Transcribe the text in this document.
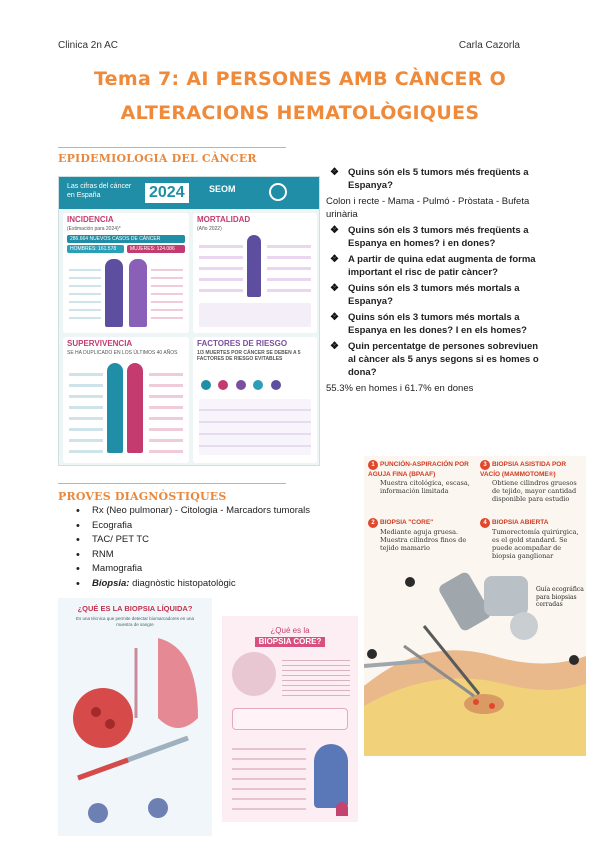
Clinica 2n AC	Carla Cazorla
Tema 7: AI PERSONES AMB CÀNCER O
ALTERACIONS HEMATOLÒGIQUES
EPIDEMIOLOGIA DEL CÀNCER
Las cifras del cáncer en España	2024	SEOM
INCIDENCIA
(Estimación para 2024)*
286.664 NUEVOS CASOS DE CÁNCER
HOMBRES: 161.578	MUJERES: 124.086
MORTALIDAD
(Año 2022)
SUPERVIVENCIA
SE HA DUPLICADO EN LOS ÚLTIMOS 40 AÑOS
FACTORES DE RIESGO
1/3 MUERTES POR CÁNCER SE DEBEN A 5 FACTORES DE RIESGO EVITABLES

❖ Quins són els 5 tumors més freqüents a Espanya?
Colon i recte - Mama - Pulmó - Pròstata - Bufeta urinària
❖ Quins són els 3 tumors més freqüents a Espanya en homes? i en dones?
❖ A partir de quina edat augmenta de forma important el risc de patir càncer?
❖ Quins són els 3 tumors més mortals a Espanya?
❖ Quins són els 3 tumors més mortals a Espanya en les dones? I en els homes?
❖ Quin percentatge de persones sobreviuen al càncer als 5 anys segons si es homes o dona?
55.3% en homes i 61.7% en dones
1 PUNCIÓN-ASPIRACIÓN POR AGUJA FINA (BPAAF)
Muestra citológica, escasa, información limitada
3 BIOPSIA ASISTIDA POR VACÍO (MAMMOTOME®)
Obtiene cilindros gruesos de tejido, mayor cantidad disponible para estudio
2 BIOPSIA "CORE"
Mediante aguja gruesa. Muestra cilindros finos de tejido mamario
4 BIOPSIA ABIERTA
Tumorectomía quirúrgica, es el gold standard. Se puede acompañar de biopsia ganglionar
Guía ecográfica para biopsias cerradas
PROVES DIAGNÒSTIQUES
• Rx (Neo pulmonar) - Citologia - Marcadors tumorals
• Ecografia
• TAC/ PET TC
• RNM
• Mamografia
• Biopsia: diagnòstic histopatològic
¿QUÉ ES LA BIOPSIA LÍQUIDA?
Es una técnica que permite detectar biomarcadores en una muestra de sangre
¿Qué es la
BIOPSIA CORE?
